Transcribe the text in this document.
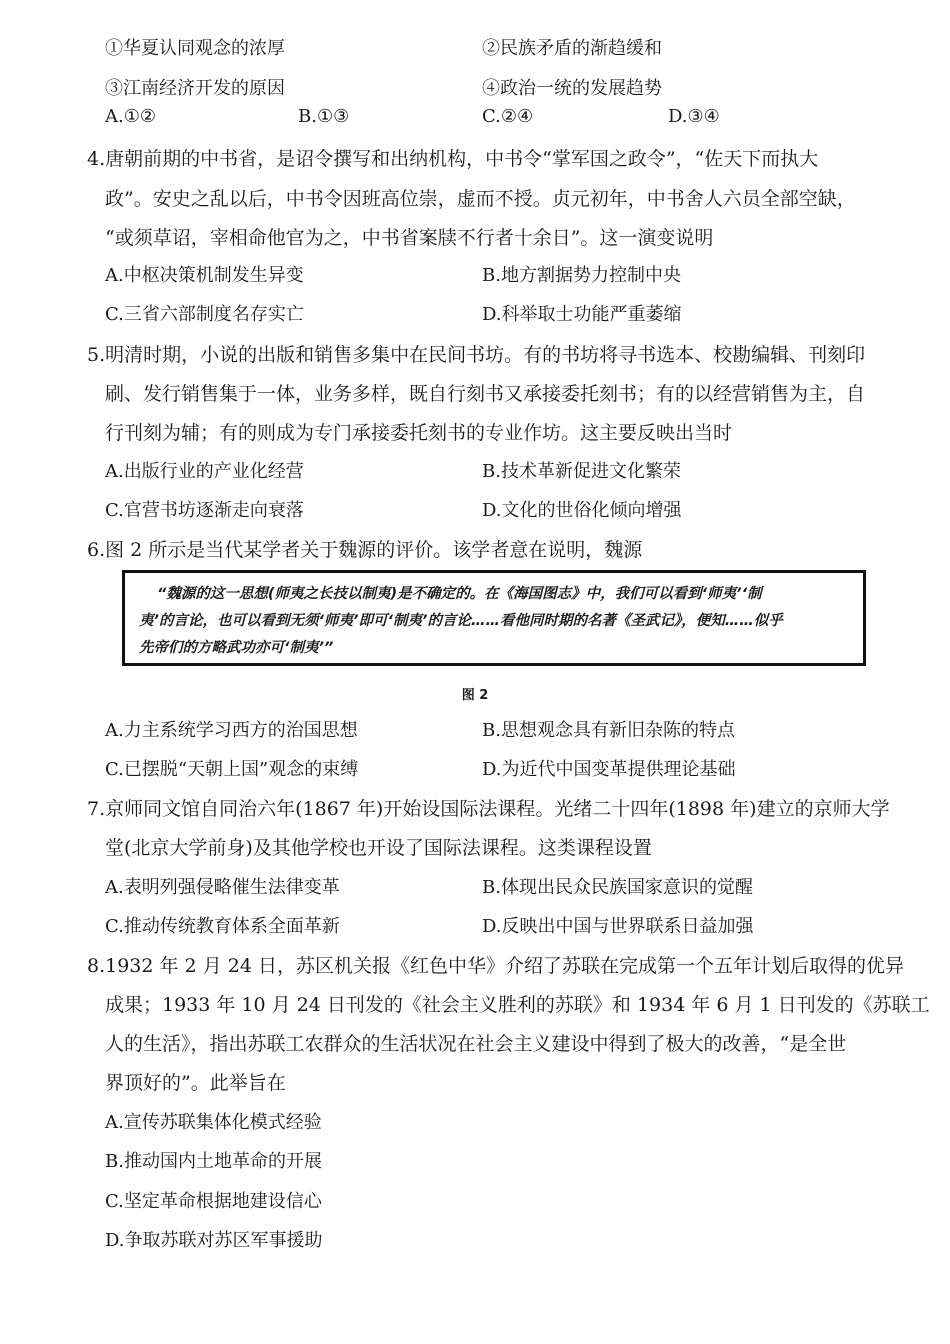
①华夏认同观念的浓厚	②民族矛盾的渐趋缓和
③江南经济开发的原因	④政治一统的发展趋势
A.①②	B.①③	C.②④	D.③④
4.唐朝前期的中书省，是诏令撰写和出纳机构，中书令“掌军国之政令”，“佐天下而执大
政”。安史之乱以后，中书令因班高位崇，虚而不授。贞元初年，中书舍人六员全部空缺，
“或须草诏，宰相命他官为之，中书省案牍不行者十余日”。这一演变说明
A.中枢决策机制发生异变	B.地方割据势力控制中央
C.三省六部制度名存实亡	D.科举取士功能严重萎缩
5.明清时期，小说的出版和销售多集中在民间书坊。有的书坊将寻书选本、校勘编辑、刊刻印
刷、发行销售集于一体，业务多样，既自行刻书又承接委托刻书；有的以经营销售为主，自
行刊刻为辅；有的则成为专门承接委托刻书的专业作坊。这主要反映出当时
A.出版行业的产业化经营	B.技术革新促进文化繁荣
C.官营书坊逐渐走向衰落	D.文化的世俗化倾向增强
6.图 2 所示是当代某学者关于魏源的评价。该学者意在说明，魏源
“魏源的这一思想(师夷之长技以制夷)是不确定的。在《海国图志》中，我们可以看到‘师夷’‘制
夷’的言论，也可以看到无须‘师夷’即可‘制夷’的言论……看他同时期的名著《圣武记》，便知……似乎
先帝们的方略武功亦可‘制夷’”
图 2
A.力主系统学习西方的治国思想	B.思想观念具有新旧杂陈的特点
C.已摆脱“天朝上国”观念的束缚	D.为近代中国变革提供理论基础
7.京师同文馆自同治六年(1867 年)开始设国际法课程。光绪二十四年(1898 年)建立的京师大学
堂(北京大学前身)及其他学校也开设了国际法课程。这类课程设置
A.表明列强侵略催生法律变革	B.体现出民众民族国家意识的觉醒
C.推动传统教育体系全面革新	D.反映出中国与世界联系日益加强
8.1932 年 2 月 24 日，苏区机关报《红色中华》介绍了苏联在完成第一个五年计划后取得的优异
成果；1933 年 10 月 24 日刊发的《社会主义胜利的苏联》和 1934 年 6 月 1 日刊发的《苏联工
人的生活》，指出苏联工农群众的生活状况在社会主义建设中得到了极大的改善，“是全世
界顶好的”。此举旨在
A.宣传苏联集体化模式经验
B.推动国内土地革命的开展
C.坚定革命根据地建设信心
D.争取苏联对苏区军事援助
